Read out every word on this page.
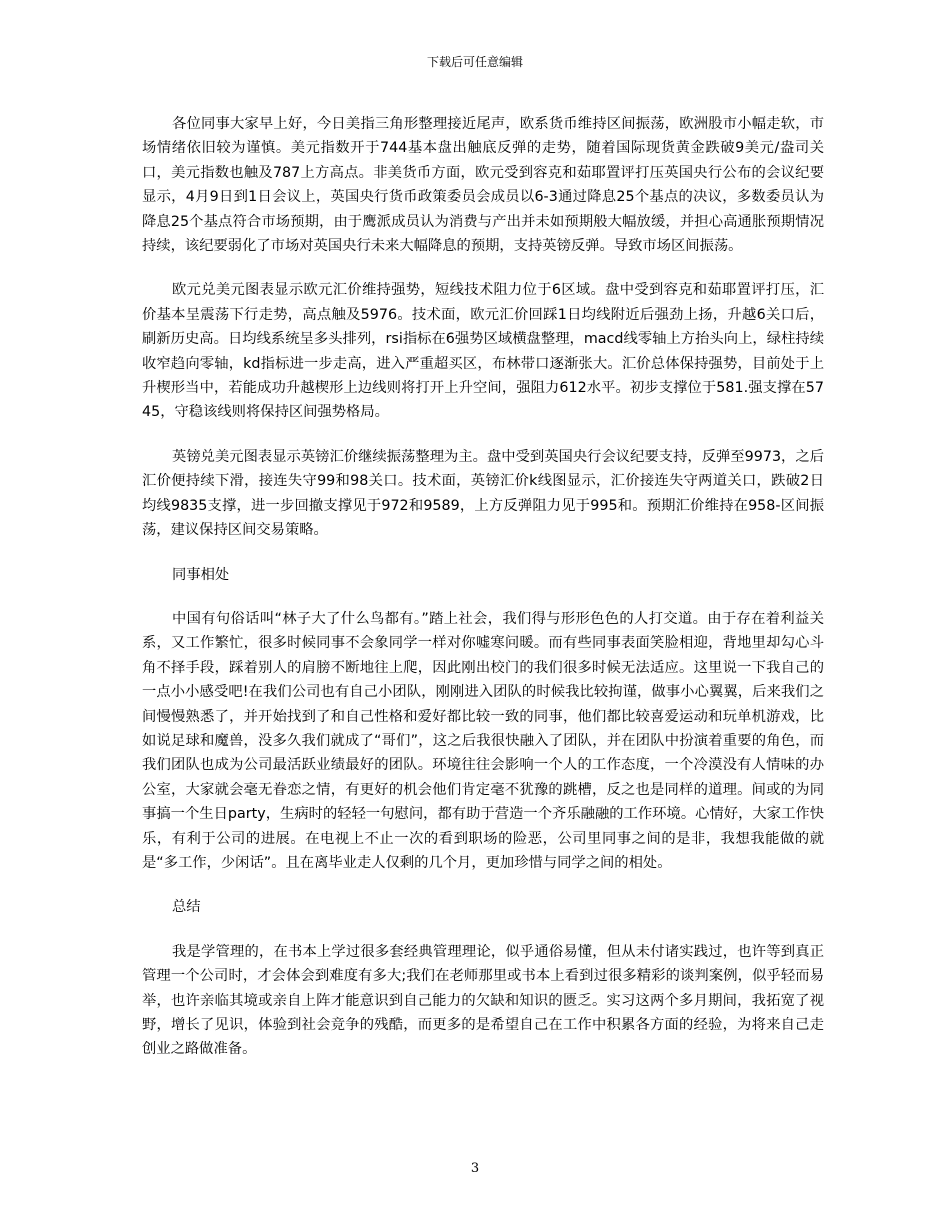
下载后可任意编辑

各位同事大家早上好，今日美指三角形整理接近尾声，欧系货币维持区间振荡，欧洲股市小幅走软，市场情绪依旧较为谨慎。美元指数开于744基本盘出触底反弹的走势，随着国际现货黄金跌破9美元/盎司关口，美元指数也触及787上方高点。非美货币方面，欧元受到容克和茹耶置评打压英国央行公布的会议纪要显示，4月9日到1日会议上，英国央行货币政策委员会成员以6-3通过降息25个基点的决议，多数委员认为降息25个基点符合市场预期，由于鹰派成员认为消费与产出并未如预期般大幅放缓，并担心高通胀预期情况持续，该纪要弱化了市场对英国央行未来大幅降息的预期，支持英镑反弹。导致市场区间振荡。

欧元兑美元图表显示欧元汇价维持强势，短线技术阻力位于6区域。盘中受到容克和茹耶置评打压，汇价基本呈震荡下行走势，高点触及5976。技术面，欧元汇价回踩1日均线附近后强劲上扬，升越6关口后，刷新历史高。日均线系统呈多头排列，rsi指标在6强势区域横盘整理，macd线零轴上方抬头向上，绿柱持续收窄趋向零轴，kd指标进一步走高，进入严重超买区，布林带口逐渐张大。汇价总体保持强势，目前处于上升楔形当中，若能成功升越楔形上边线则将打开上升空间，强阻力612水平。初步支撑位于581.强支撑在5745，守稳该线则将保持区间强势格局。

英镑兑美元图表显示英镑汇价继续振荡整理为主。盘中受到英国央行会议纪要支持，反弹至9973，之后汇价便持续下滑，接连失守99和98关口。技术面，英镑汇价k线图显示，汇价接连失守两道关口，跌破2日均线9835支撑，进一步回撤支撑见于972和9589，上方反弹阻力见于995和。预期汇价维持在958-区间振荡，建议保持区间交易策略。

同事相处

中国有句俗话叫“林子大了什么鸟都有。”踏上社会，我们得与形形色色的人打交道。由于存在着利益关系，又工作繁忙，很多时候同事不会象同学一样对你嘘寒问暖。而有些同事表面笑脸相迎，背地里却勾心斗角不择手段，踩着别人的肩膀不断地往上爬，因此刚出校门的我们很多时候无法适应。这里说一下我自己的一点小小感受吧!在我们公司也有自己小团队，刚刚进入团队的时候我比较拘谨，做事小心翼翼，后来我们之间慢慢熟悉了，并开始找到了和自己性格和爱好都比较一致的同事，他们都比较喜爱运动和玩单机游戏，比如说足球和魔兽，没多久我们就成了“哥们”，这之后我很快融入了团队，并在团队中扮演着重要的角色，而我们团队也成为公司最活跃业绩最好的团队。环境往往会影响一个人的工作态度，一个冷漠没有人情味的办公室，大家就会毫无眷恋之情，有更好的机会他们肯定毫不犹豫的跳槽，反之也是同样的道理。间或的为同事搞一个生日party，生病时的轻轻一句慰问，都有助于营造一个齐乐融融的工作环境。心情好，大家工作快乐，有利于公司的进展。在电视上不止一次的看到职场的险恶，公司里同事之间的是非，我想我能做的就是“多工作，少闲话”。且在离毕业走人仅剩的几个月，更加珍惜与同学之间的相处。

总结

我是学管理的，在书本上学过很多套经典管理理论，似乎通俗易懂，但从未付诸实践过，也许等到真正管理一个公司时，才会体会到难度有多大;我们在老师那里或书本上看到过很多精彩的谈判案例，似乎轻而易举，也许亲临其境或亲自上阵才能意识到自己能力的欠缺和知识的匮乏。实习这两个多月期间，我拓宽了视野，增长了见识，体验到社会竞争的残酷，而更多的是希望自己在工作中积累各方面的经验，为将来自己走创业之路做准备。

3
